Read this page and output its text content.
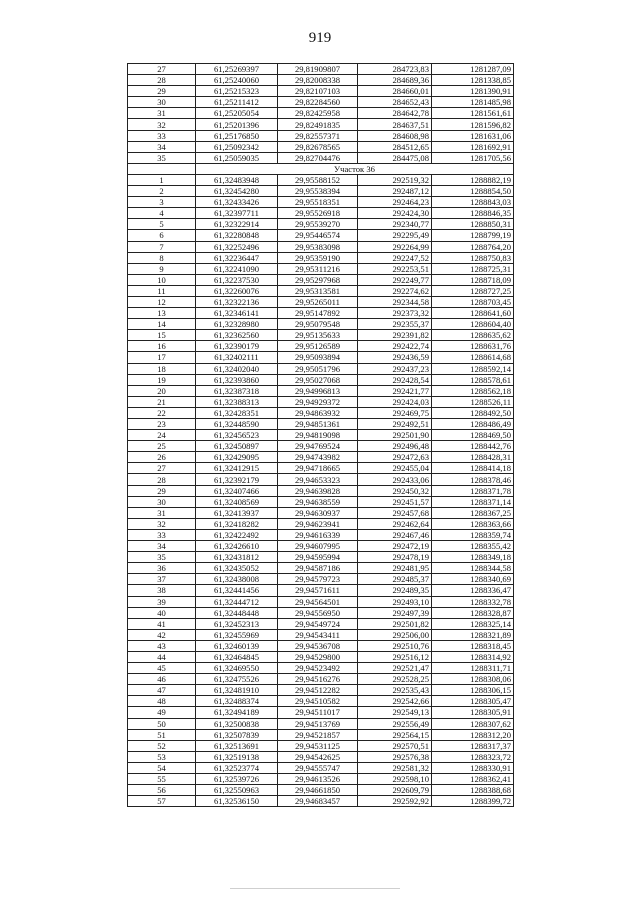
919
27	61,25269397	29,81909807	284723,83	1281287,09
28	61,25240060	29,82008338	284689,36	1281338,85
29	61,25215323	29,82107103	284660,01	1281390,91
30	61,25211412	29,82284560	284652,43	1281485,98
31	61,25205054	29,82425958	284642,78	1281561,61
32	61,25201396	29,82491835	284637,51	1281596,82
33	61,25176850	29,82557371	284608,98	1281631,06
34	61,25092342	29,82678565	284512,65	1281692,91
35	61,25059035	29,82704476	284475,08	1281705,56
	Участок 36			
1	61,32483948	29,95588152	292519,32	1288882,19
2	61,32454280	29,95538394	292487,12	1288854,50
3	61,32433426	29,95518351	292464,23	1288843,03
4	61,32397711	29,95526918	292424,30	1288846,35
5	61,32322914	29,95539270	292340,77	1288850,31
6	61,32280848	29,95446574	292295,49	1288799,19
7	61,32252496	29,95383098	292264,99	1288764,20
8	61,32236447	29,95359190	292247,52	1288750,83
9	61,32241090	29,95311216	292253,51	1288725,31
10	61,32237530	29,95297968	292249,77	1288718,09
11	61,32260076	29,95313581	292274,62	1288727,25
12	61,32322136	29,95265011	292344,58	1288703,45
13	61,32346141	29,95147892	292373,32	1288641,60
14	61,32328980	29,95079548	292355,37	1288604,40
15	61,32362560	29,95135633	292391,82	1288635,62
16	61,32390179	29,95126589	292422,74	1288631,76
17	61,32402111	29,95093894	292436,59	1288614,68
18	61,32402040	29,95051796	292437,23	1288592,14
19	61,32393860	29,95027068	292428,54	1288578,61
20	61,32387318	29,94996813	292421,77	1288562,18
21	61,32388313	29,94929372	292424,03	1288526,11
22	61,32428351	29,94863932	292469,75	1288492,50
23	61,32448590	29,94851361	292492,51	1288486,49
24	61,32456523	29,94819098	292501,90	1288469,50
25	61,32450897	29,94769524	292496,48	1288442,76
26	61,32429095	29,94743982	292472,63	1288428,31
27	61,32412915	29,94718665	292455,04	1288414,18
28	61,32392179	29,94653323	292433,06	1288378,46
29	61,32407466	29,94639828	292450,32	1288371,78
30	61,32408569	29,94638559	292451,57	1288371,14
31	61,32413937	29,94630937	292457,68	1288367,25
32	61,32418282	29,94623941	292462,64	1288363,66
33	61,32422492	29,94616339	292467,46	1288359,74
34	61,32426610	29,94607995	292472,19	1288355,42
35	61,32431812	29,94595994	292478,19	1288349,18
36	61,32435052	29,94587186	292481,95	1288344,58
37	61,32438008	29,94579723	292485,37	1288340,69
38	61,32441456	29,94571611	292489,35	1288336,47
39	61,32444712	29,94564501	292493,10	1288332,78
40	61,32448448	29,94556950	292497,39	1288328,87
41	61,32452313	29,94549724	292501,82	1288325,14
42	61,32455969	29,94543411	292506,00	1288321,89
43	61,32460139	29,94536708	292510,76	1288318,45
44	61,32464845	29,94529800	292516,12	1288314,92
45	61,32469550	29,94523492	292521,47	1288311,71
46	61,32475526	29,94516276	292528,25	1288308,06
47	61,32481910	29,94512282	292535,43	1288306,15
48	61,32488374	29,94510582	292542,66	1288305,47
49	61,32494189	29,94511017	292549,13	1288305,91
50	61,32500838	29,94513769	292556,49	1288307,62
51	61,32507839	29,94521857	292564,15	1288312,20
52	61,32513691	29,94531125	292570,51	1288317,37
53	61,32519138	29,94542625	292576,38	1288323,72
54	61,32523774	29,94555747	292581,32	1288330,91
55	61,32539726	29,94613526	292598,10	1288362,41
56	61,32550963	29,94661850	292609,79	1288388,68
57	61,32536150	29,94683457	292592,92	1288399,72
